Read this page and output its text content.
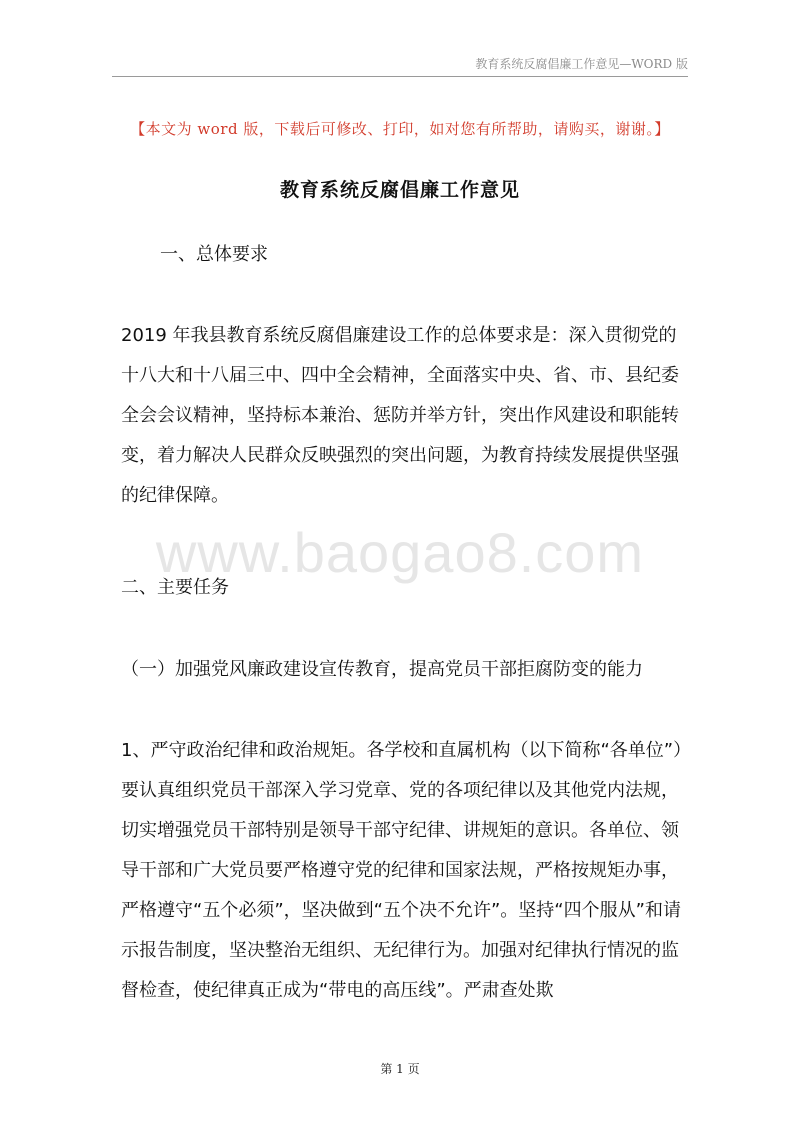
教育系统反腐倡廉工作意见—WORD 版
【本文为 word 版，下载后可修改、打印，如对您有所帮助，请购买，谢谢。】
教育系统反腐倡廉工作意见
一、总体要求
2019 年我县教育系统反腐倡廉建设工作的总体要求是：深入贯彻党的十八大和十八届三中、四中全会精神，全面落实中央、省、市、县纪委全会会议精神，坚持标本兼治、惩防并举方针，突出作风建设和职能转变，着力解决人民群众反映强烈的突出问题，为教育持续发展提供坚强的纪律保障。
www.baogao8.com
二、主要任务
（一）加强党风廉政建设宣传教育，提高党员干部拒腐防变的能力
1、严守政治纪律和政治规矩。各学校和直属机构（以下简称“各单位”）要认真组织党员干部深入学习党章、党的各项纪律以及其他党内法规，切实增强党员干部特别是领导干部守纪律、讲规矩的意识。各单位、领导干部和广大党员要严格遵守党的纪律和国家法规，严格按规矩办事，严格遵守“五个必须”，坚决做到“五个决不允许”。坚持“四个服从”和请示报告制度，坚决整治无组织、无纪律行为。加强对纪律执行情况的监督检查，使纪律真正成为“带电的高压线”。严肃查处欺
第 1 页
